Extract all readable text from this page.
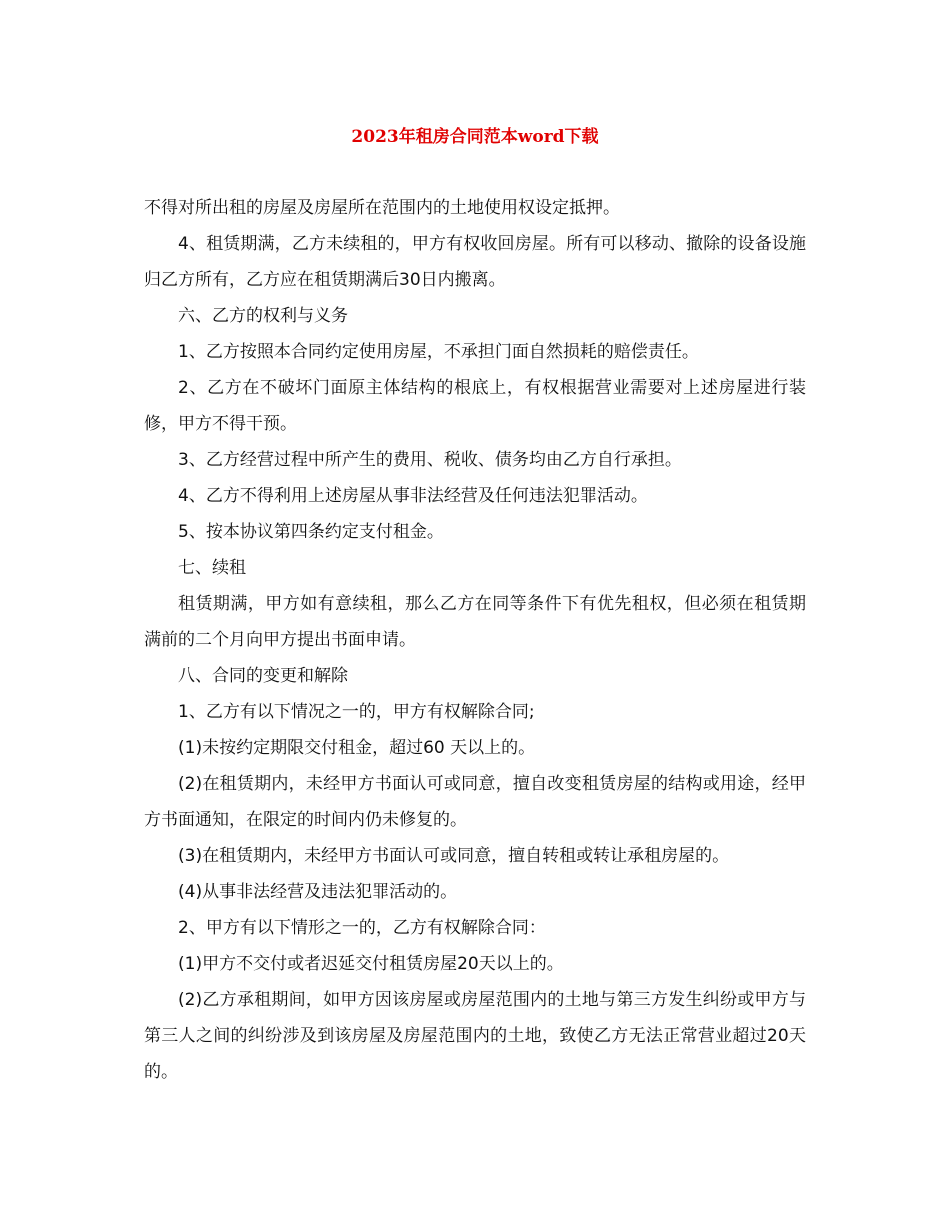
2023年租房合同范本word下载

不得对所出租的房屋及房屋所在范围内的土地使用权设定抵押。

4、租赁期满，乙方未续租的，甲方有权收回房屋。所有可以移动、撤除的设备设施归乙方所有，乙方应在租赁期满后30日内搬离。

六、乙方的权利与义务

1、乙方按照本合同约定使用房屋，不承担门面自然损耗的赔偿责任。

2、乙方在不破坏门面原主体结构的根底上，有权根据营业需要对上述房屋进行装修，甲方不得干预。

3、乙方经营过程中所产生的费用、税收、债务均由乙方自行承担。

4、乙方不得利用上述房屋从事非法经营及任何违法犯罪活动。

5、按本协议第四条约定支付租金。

七、续租

租赁期满，甲方如有意续租，那么乙方在同等条件下有优先租权，但必须在租赁期满前的二个月向甲方提出书面申请。

八、合同的变更和解除

1、乙方有以下情况之一的，甲方有权解除合同;

(1)未按约定期限交付租金，超过60 天以上的。

(2)在租赁期内，未经甲方书面认可或同意，擅自改变租赁房屋的结构或用途，经甲方书面通知，在限定的时间内仍未修复的。

(3)在租赁期内，未经甲方书面认可或同意，擅自转租或转让承租房屋的。

(4)从事非法经营及违法犯罪活动的。

2、甲方有以下情形之一的，乙方有权解除合同：

(1)甲方不交付或者迟延交付租赁房屋20天以上的。

(2)乙方承租期间，如甲方因该房屋或房屋范围内的土地与第三方发生纠纷或甲方与第三人之间的纠纷涉及到该房屋及房屋范围内的土地，致使乙方无法正常营业超过20天的。
